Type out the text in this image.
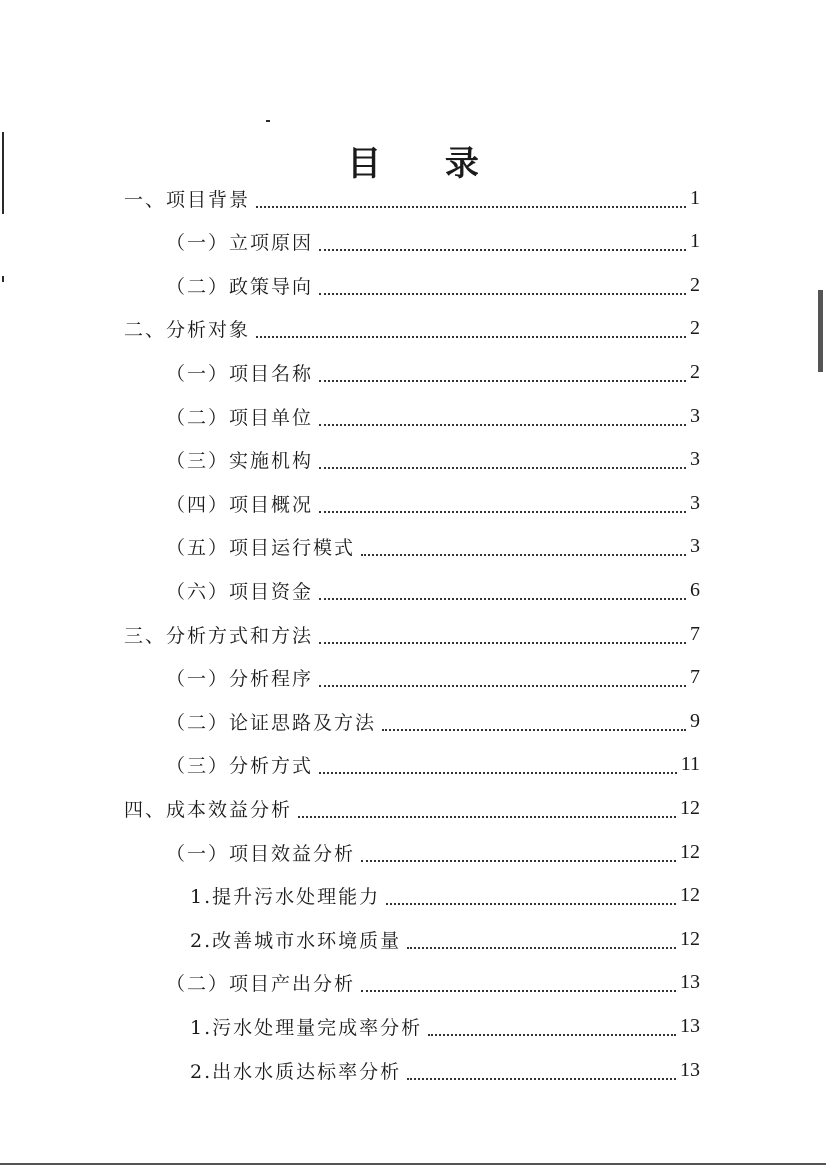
目 录
一、项目背景	1
（一）立项原因	1
（二）政策导向	2
二、分析对象	2
（一）项目名称	2
（二）项目单位	3
（三）实施机构	3
（四）项目概况	3
（五）项目运行模式	3
（六）项目资金	6
三、分析方式和方法	7
（一）分析程序	7
（二）论证思路及方法	9
（三）分析方式	11
四、成本效益分析	12
（一）项目效益分析	12
1.提升污水处理能力	12
2.改善城市水环境质量	12
（二）项目产出分析	13
1.污水处理量完成率分析	13
2.出水水质达标率分析	13
